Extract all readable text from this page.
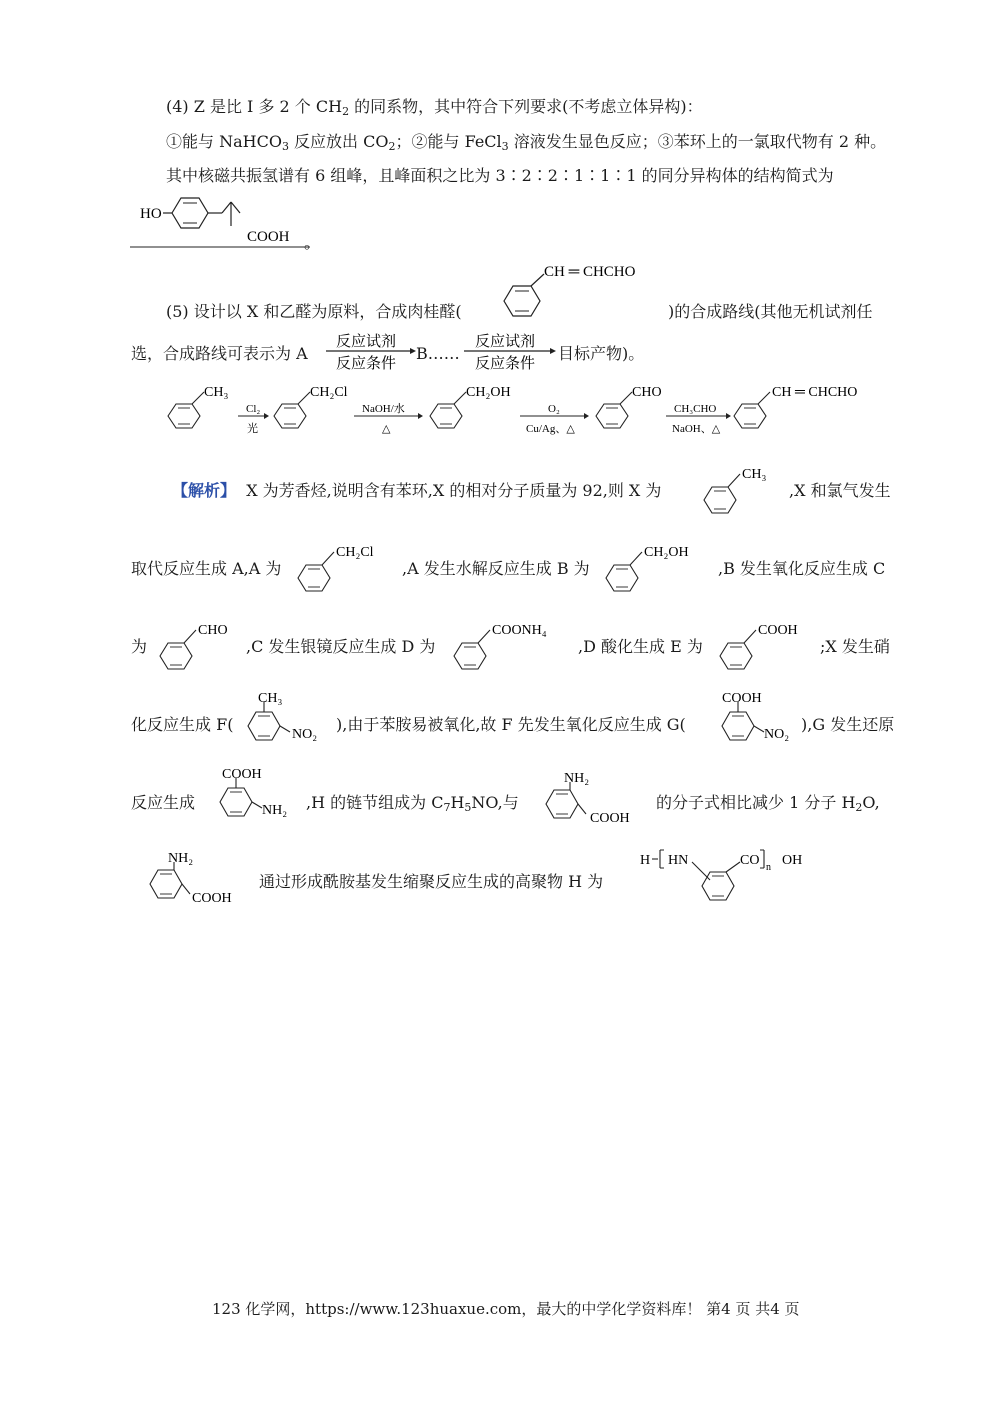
(4) Z 是比 I 多 2 个 $CH_2$ 的同系物，其中符合下列要求(不考虑立体异构)：
①能与 NaHCO$_3$ 反应放出 $CO_2$；②能与 FeCl$_3$ 溶液发生显色反应；③苯环上的一氯取代物有 2 种。
其中核磁共振氢谱有 6 组峰，且峰面积之比为 3∶2∶2∶1∶1∶1 的同分异构体的结构简式为
HO
COOH 。
(5) 设计以 X 和乙醛为原料，合成肉桂醛(
CH ═ CHCHO
)的合成路线(其他无机试剂任
选，合成路线可表示为 A
反应试剂
反应条件
B……
反应试剂
反应条件
目标产物)。
CH₃
Cl₂
光
CH₂Cl
NaOH/水
△
CH₂OH
O₂
Cu/Ag、△
CHO
CH₃CHO
NaOH、△
CH ═ CHCHO
【解析】 X 为芳香烃,说明含有苯环,X 的相对分子质量为 92,则 X 为
CH₃
,X 和氯气发生
取代反应生成 A,A 为
CH₂Cl
,A 发生水解反应生成 B 为
CH₂OH
,B 发生氧化反应生成 C
为
CHO
,C 发生银镜反应生成 D 为
COONH₄
,D 酸化生成 E 为
COOH
;X 发生硝
化反应生成 F(
CH₃
NO₂
),由于苯胺易被氧化,故 F 先发生氧化反应生成 G(
COOH
NO₂
),G 发生还原
反应生成
COOH
NH₂ ,H 的链节组成为 $C_7H_5NO$,与
NH₂
COOH
的分子式相比减少 1 分子 $H_2O$,
NH₂
COOH
通过形成酰胺基发生缩聚反应生成的高聚物 H 为
H HN	CO n OH
123 化学网，https://www.123huaxue.com，最大的中学化学资料库！ 第4 页 共4 页
